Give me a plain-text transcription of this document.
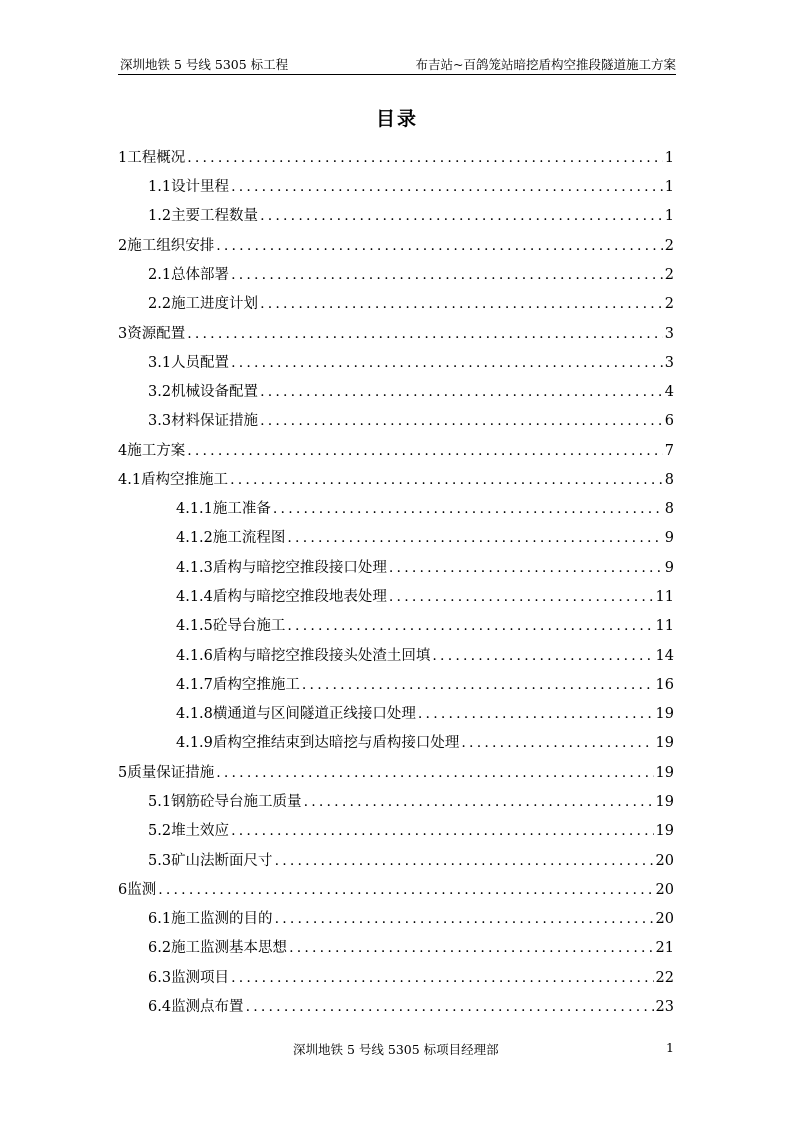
深圳地铁 5 号线 5305 标工程	布吉站~百鸽笼站暗挖盾构空推段隧道施工方案
目录
1 工程概况 .....	1
1.1 设计里程 .....	1
1.2 主要工程数量 .....	1
2 施工组织安排 .....	2
2.1 总体部署 .....	2
2.2 施工进度计划 .....	2
3 资源配置 .....	3
3.1 人员配置 .....	3
3.2 机械设备配置 .....	4
3.3 材料保证措施 .....	6
4 施工方案 .....	7
4.1 盾构空推施工 .....	8
4.1.1 施工准备 .....	8
4.1.2 施工流程图 .....	9
4.1.3 盾构与暗挖空推段接口处理 .....	9
4.1.4 盾构与暗挖空推段地表处理 .....	11
4.1.5 砼导台施工 .....	11
4.1.6 盾构与暗挖空推段接头处渣土回填 .....	14
4.1.7 盾构空推施工 .....	16
4.1.8 横通道与区间隧道正线接口处理 .....	19
4.1.9 盾构空推结束到达暗挖与盾构接口处理 .....	19
5 质量保证措施 .....	19
5.1 钢筋砼导台施工质量 .....	19
5.2 堆土效应 .....	19
5.3 矿山法断面尺寸 .....	20
6 监测 .....	20
6.1 施工监测的目的 .....	20
6.2 施工监测基本思想 .....	21
6.3 监测项目 .....	22
6.4 监测点布置 .....	23
深圳地铁 5 号线 5305 标项目经理部	1
